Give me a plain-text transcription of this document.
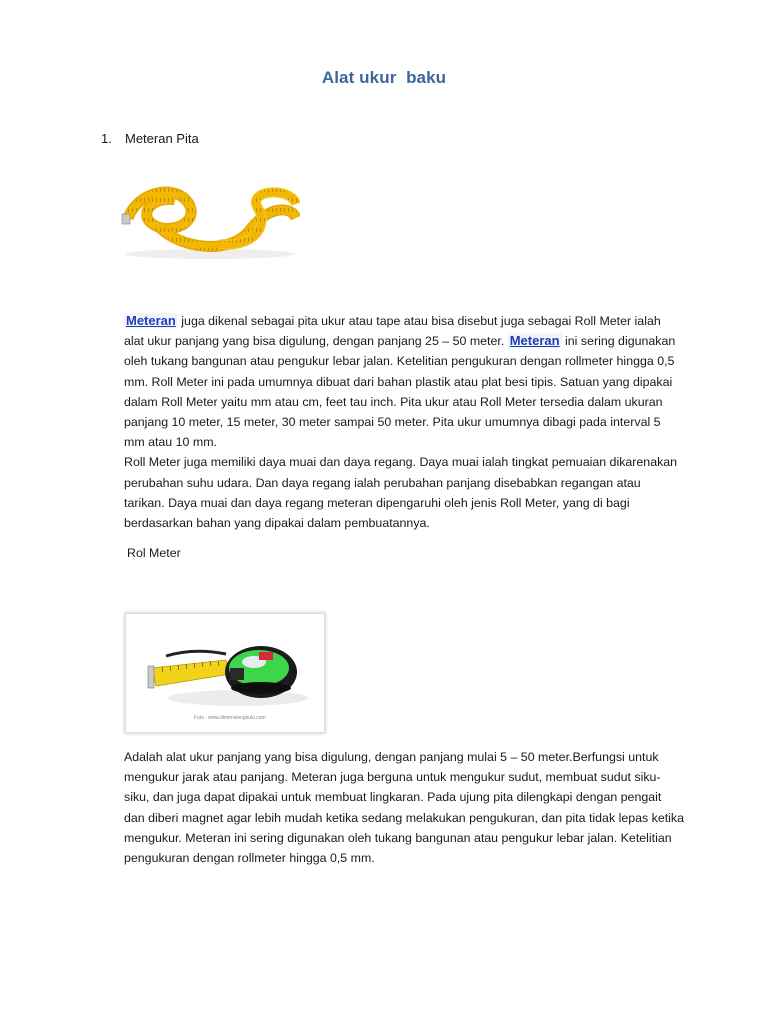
Alat ukur  baku
1. Meteran Pita

Meteran juga dikenal sebagai pita ukur atau tape atau bisa disebut juga sebagai Roll Meter ialah alat ukur panjang yang bisa digulung, dengan panjang 25 – 50 meter. Meteran ini sering digunakan oleh tukang bangunan atau pengukur lebar jalan. Ketelitian pengukuran dengan rollmeter hingga 0,5 mm. Roll Meter ini pada umumnya dibuat dari bahan plastik atau plat besi tipis. Satuan yang dipakai dalam Roll Meter yaitu mm atau cm, feet tau inch. Pita ukur atau Roll Meter tersedia dalam ukuran panjang 10 meter, 15 meter, 30 meter sampai 50 meter. Pita ukur umumnya dibagi pada interval 5 mm atau 10 mm.

Roll Meter juga memiliki daya muai dan daya regang. Daya muai ialah tingkat pemuaian dikarenakan perubahan suhu udara. Dan daya regang ialah perubahan panjang disebabkan regangan atau tarikan. Daya muai dan daya regang meteran dipengaruhi oleh jenis Roll Meter, yang di bagi berdasarkan bahan yang dipakai dalam pembuatannya.

Rol Meter
Foto : www.dimensiengkulu.com

Adalah alat ukur panjang yang bisa digulung, dengan panjang mulai 5 – 50 meter.Berfungsi untuk mengukur jarak atau panjang. Meteran juga berguna untuk mengukur sudut, membuat sudut siku-siku, dan juga dapat dipakai untuk membuat lingkaran. Pada ujung pita dilengkapi dengan pengait dan diberi magnet agar lebih mudah ketika sedang melakukan pengukuran, dan pita tidak lepas ketika mengukur. Meteran ini sering digunakan oleh tukang bangunan atau pengukur lebar jalan. Ketelitian pengukuran dengan rollmeter hingga 0,5 mm.
